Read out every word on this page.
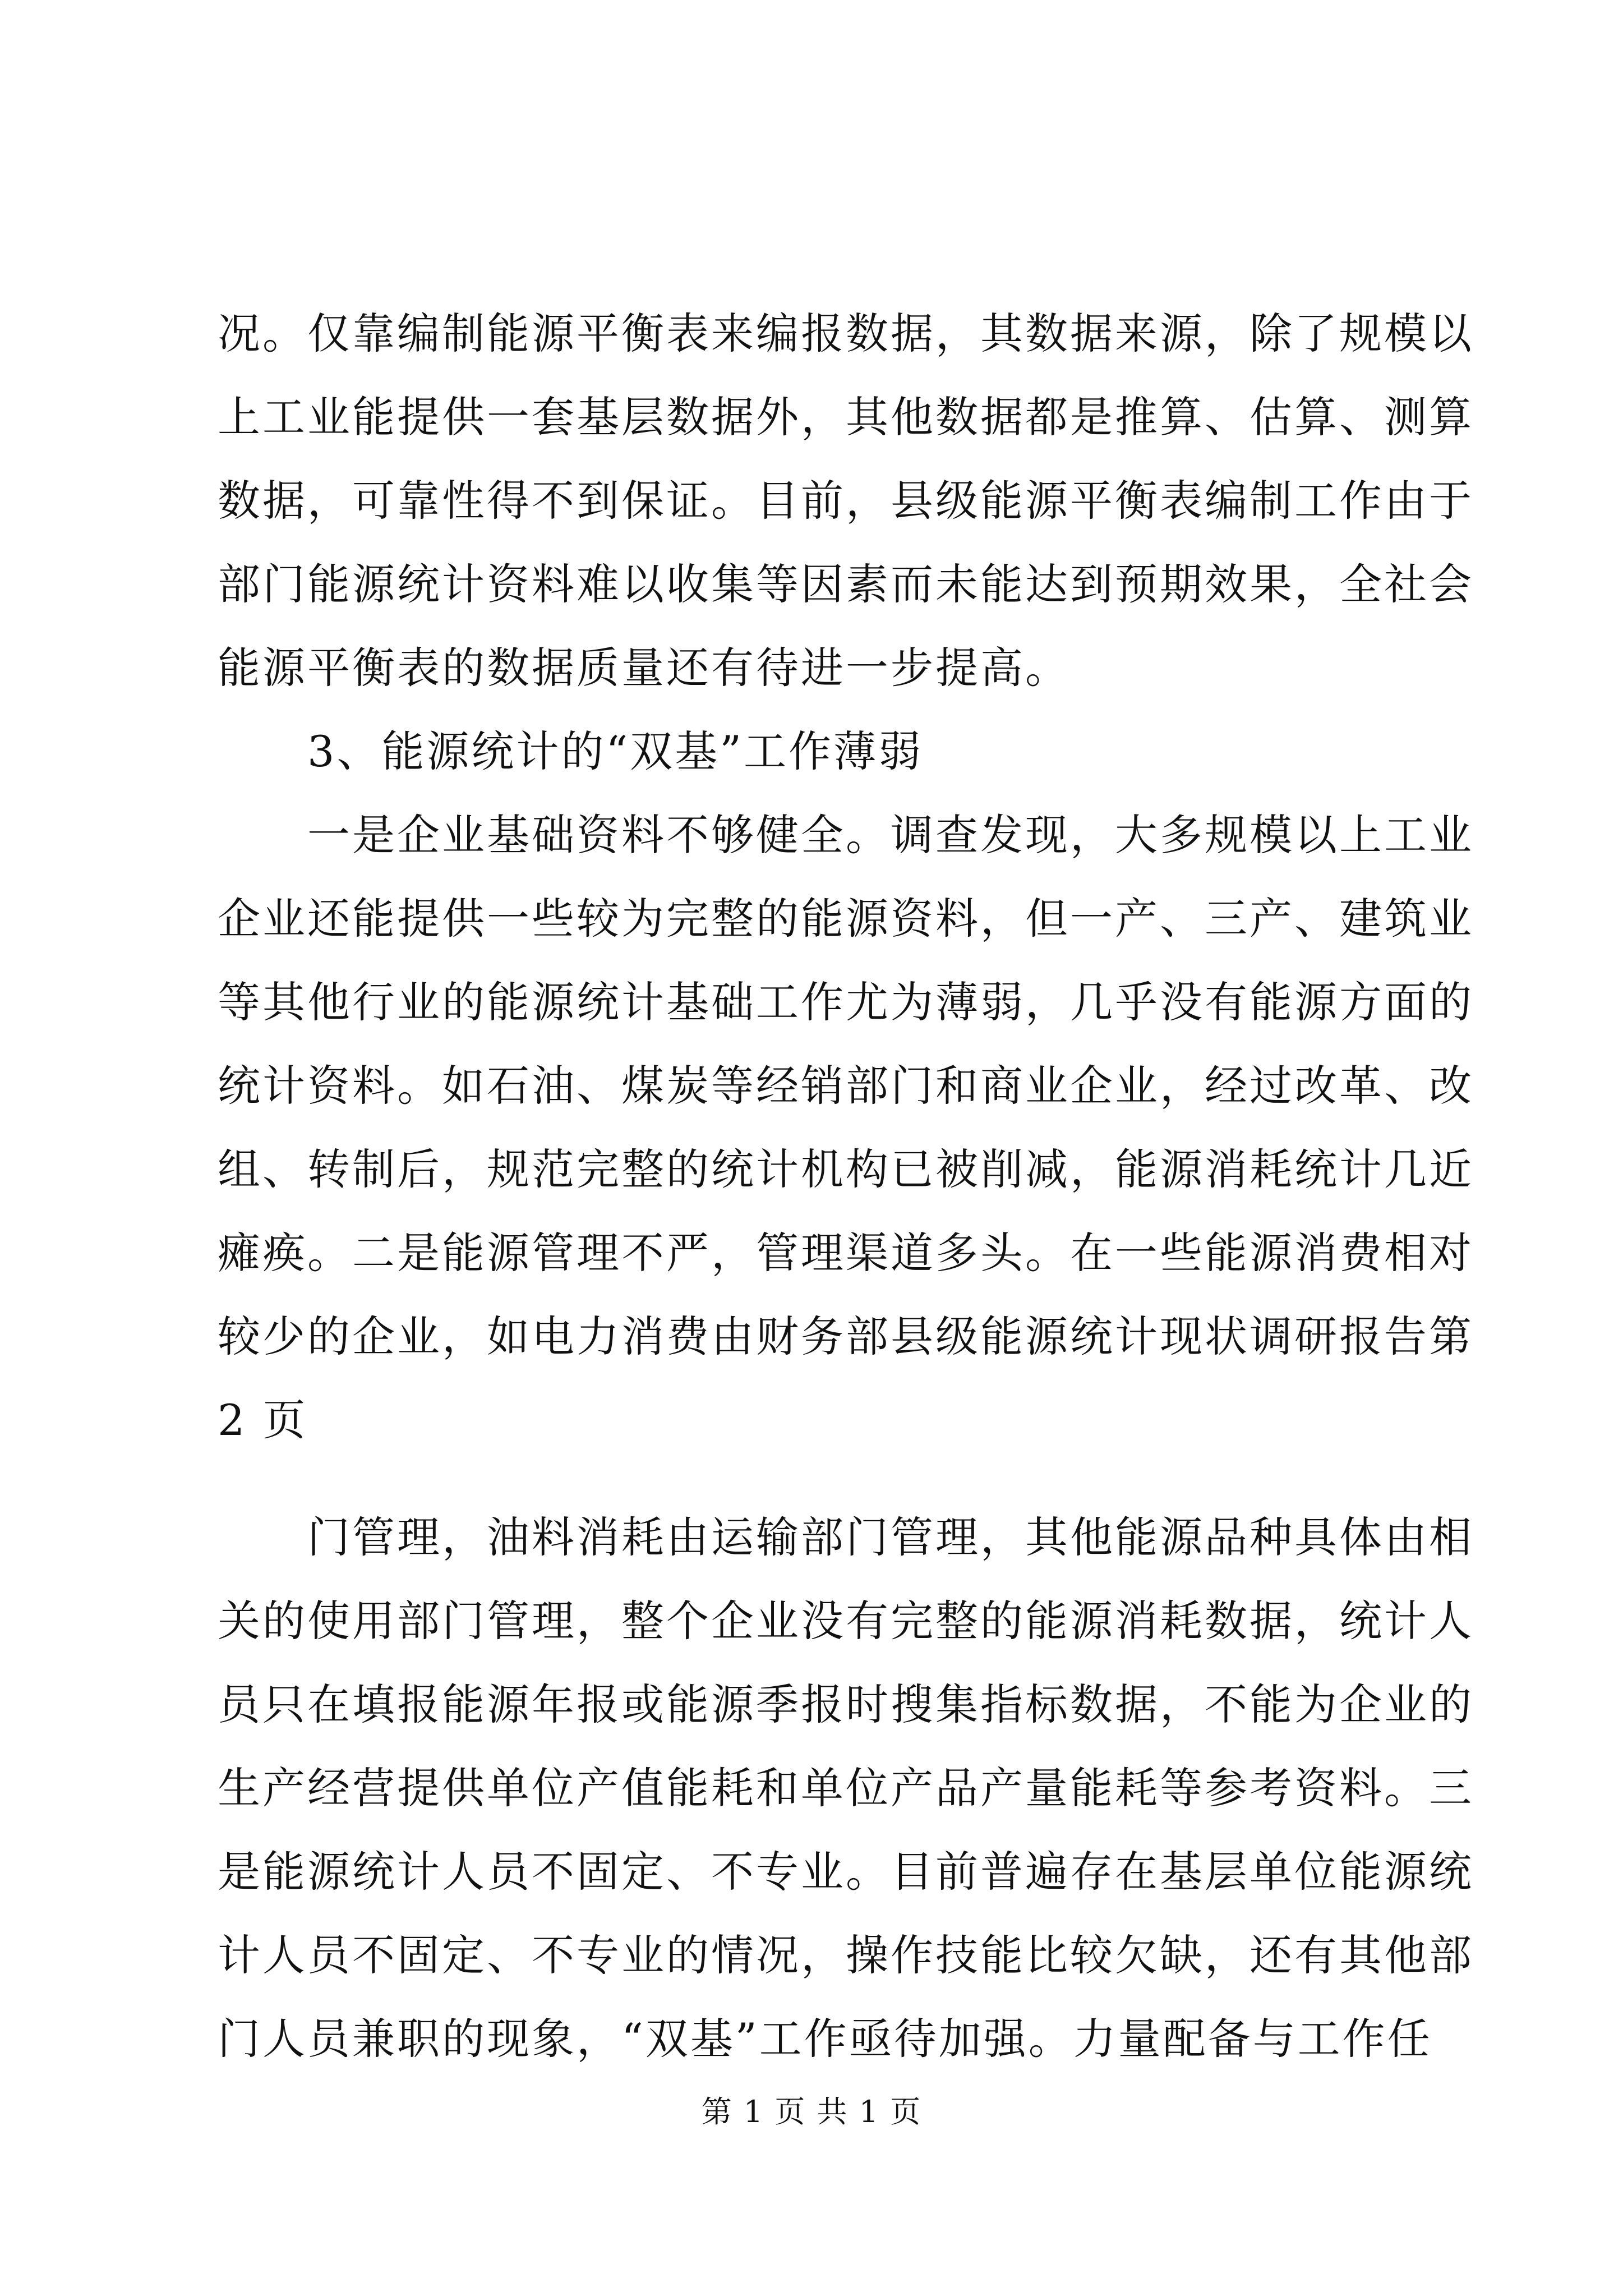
况。仅靠编制能源平衡表来编报数据，其数据来源，除了规模以
上工业能提供一套基层数据外，其他数据都是推算、估算、测算
数据，可靠性得不到保证。目前，县级能源平衡表编制工作由于
部门能源统计资料难以收集等因素而未能达到预期效果，全社会
能源平衡表的数据质量还有待进一步提高。
3、能源统计的“双基”工作薄弱
一是企业基础资料不够健全。调查发现，大多规模以上工业
企业还能提供一些较为完整的能源资料，但一产、三产、建筑业
等其他行业的能源统计基础工作尤为薄弱，几乎没有能源方面的
统计资料。如石油、煤炭等经销部门和商业企业，经过改革、改
组、转制后，规范完整的统计机构已被削减，能源消耗统计几近
瘫痪。二是能源管理不严，管理渠道多头。在一些能源消费相对
较少的企业，如电力消费由财务部县级能源统计现状调研报告第
2 页
门管理，油料消耗由运输部门管理，其他能源品种具体由相
关的使用部门管理，整个企业没有完整的能源消耗数据，统计人
员只在填报能源年报或能源季报时搜集指标数据，不能为企业的
生产经营提供单位产值能耗和单位产品产量能耗等参考资料。三
是能源统计人员不固定、不专业。目前普遍存在基层单位能源统
计人员不固定、不专业的情况，操作技能比较欠缺，还有其他部
门人员兼职的现象，“双基”工作亟待加强。力量配备与工作任
第 1 页 共 1 页
